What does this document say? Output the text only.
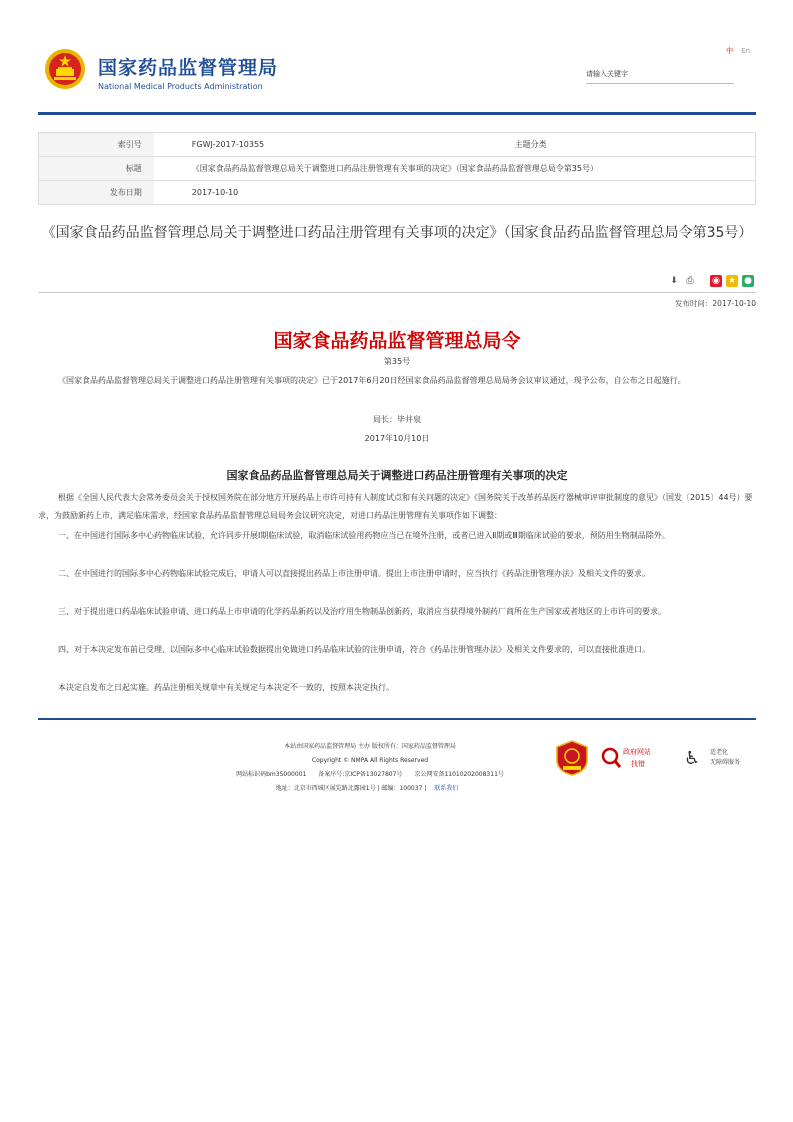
国家药品监督管理局
National Medical Products Administration
中 En
请输入关键字
索引号	FGWJ-2017-10355	主题分类	
标题	《国家食品药品监督管理总局关于调整进口药品注册管理有关事项的决定》（国家食品药品监督管理总局令第35号）		
发布日期	2017-10-10		
《国家食品药品监督管理总局关于调整进口药品注册管理有关事项的决定》（国家食品药品监督管理总局令第35号）
⬇ ⎙ ◉ ★ ●
发布时间：2017-10-10
国家食品药品监督管理总局令
第35号
《国家食品药品监督管理总局关于调整进口药品注册管理有关事项的决定》已于2017年6月20日经国家食品药品监督管理总局局务会议审议通过，现予公布，自公布之日起施行。
局长：毕井泉
2017年10月10日
国家食品药品监督管理总局关于调整进口药品注册管理有关事项的决定
根据《全国人民代表大会常务委员会关于授权国务院在部分地方开展药品上市许可持有人制度试点和有关问题的决定》《国务院关于改革药品医疗器械审评审批制度的意见》（国发〔2015〕44号）要求，为鼓励新药上市，满足临床需求，经国家食品药品监督管理总局局务会议研究决定，对进口药品注册管理有关事项作如下调整：
一、在中国进行国际多中心药物临床试验，允许同步开展Ⅰ期临床试验，取消临床试验用药物应当已在境外注册，或者已进入Ⅱ期或Ⅲ期临床试验的要求，预防用生物制品除外。
二、在中国进行的国际多中心药物临床试验完成后，申请人可以直接提出药品上市注册申请。提出上市注册申请时，应当执行《药品注册管理办法》及相关文件的要求。
三、对于提出进口药品临床试验申请、进口药品上市申请的化学药品新药以及治疗用生物制品创新药，取消应当获得境外制药厂商所在生产国家或者地区的上市许可的要求。
四、对于本决定发布前已受理、以国际多中心临床试验数据提出免做进口药品临床试验的注册申请，符合《药品注册管理办法》及相关文件要求的，可以直接批准进口。
本决定自发布之日起实施。药品注册相关规章中有关规定与本决定不一致的，按照本决定执行。
本站由国家药品监督管理局 主办 版权所有：国家药品监督管理局
Copyright © NMPA All Rights Reserved
网站标识码bm35000001 备案序号:京ICP备13027807号 京公网安备11010202008311号
地址：北京市西城区展览路北露园1号 | 邮编：100037 | 联系我们
政府网站
找错 ♿ 适老化
无障碍服务
